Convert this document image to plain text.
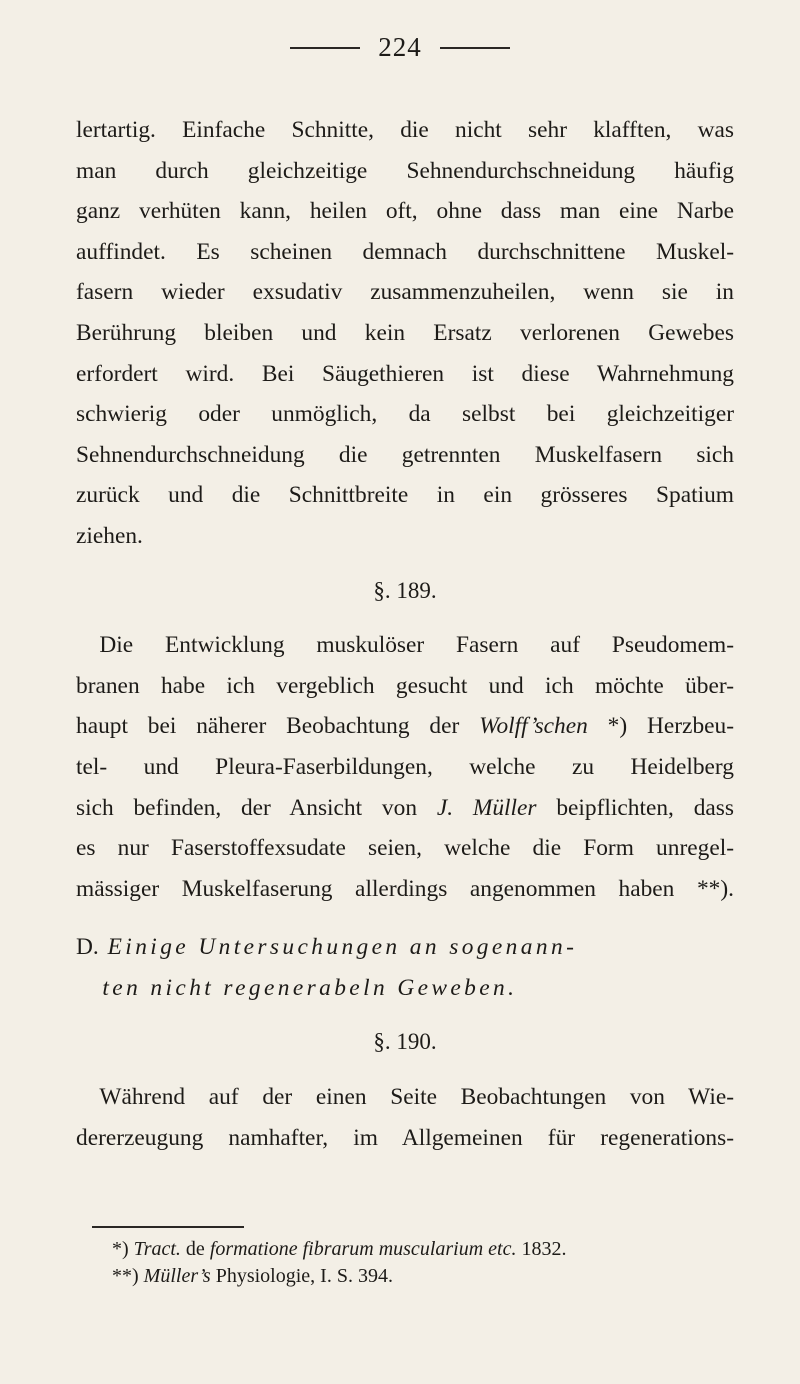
224
lertartig. Einfache Schnitte, die nicht sehr klafften, was
man durch gleichzeitige Sehnendurchschneidung häufig
ganz verhüten kann, heilen oft, ohne dass man eine Narbe
auffindet. Es scheinen demnach durchschnittene Muskel-
fasern wieder exsudativ zusammenzuheilen, wenn sie in
Berührung bleiben und kein Ersatz verlorenen Gewebes
erfordert wird. Bei Säugethieren ist diese Wahrnehmung
schwierig oder unmöglich, da selbst bei gleichzeitiger
Sehnendurchschneidung die getrennten Muskelfasern sich
zurück und die Schnittbreite in ein grösseres Spatium
ziehen.
§. 189.
 Die Entwicklung muskulöser Fasern auf Pseudomem-
branen habe ich vergeblich gesucht und ich möchte über-
haupt bei näherer Beobachtung der Wolff’schen *) Herzbeu-
tel- und Pleura-Faserbildungen, welche zu Heidelberg
sich befinden, der Ansicht von J. Müller beipflichten, dass
es nur Faserstoffexsudate seien, welche die Form unregel-
mässiger Muskelfaserung allerdings angenommen haben **).
D. Einige Untersuchungen an sogenann-
 ten nicht regenerabeln Geweben.
§. 190.
 Während auf der einen Seite Beobachtungen von Wie-
dererzeugung namhafter, im Allgemeinen für regenerations-
 *) Tract. de formatione fibrarum muscularium etc. 1832.
 **) Müller’s Physiologie, I. S. 394.
